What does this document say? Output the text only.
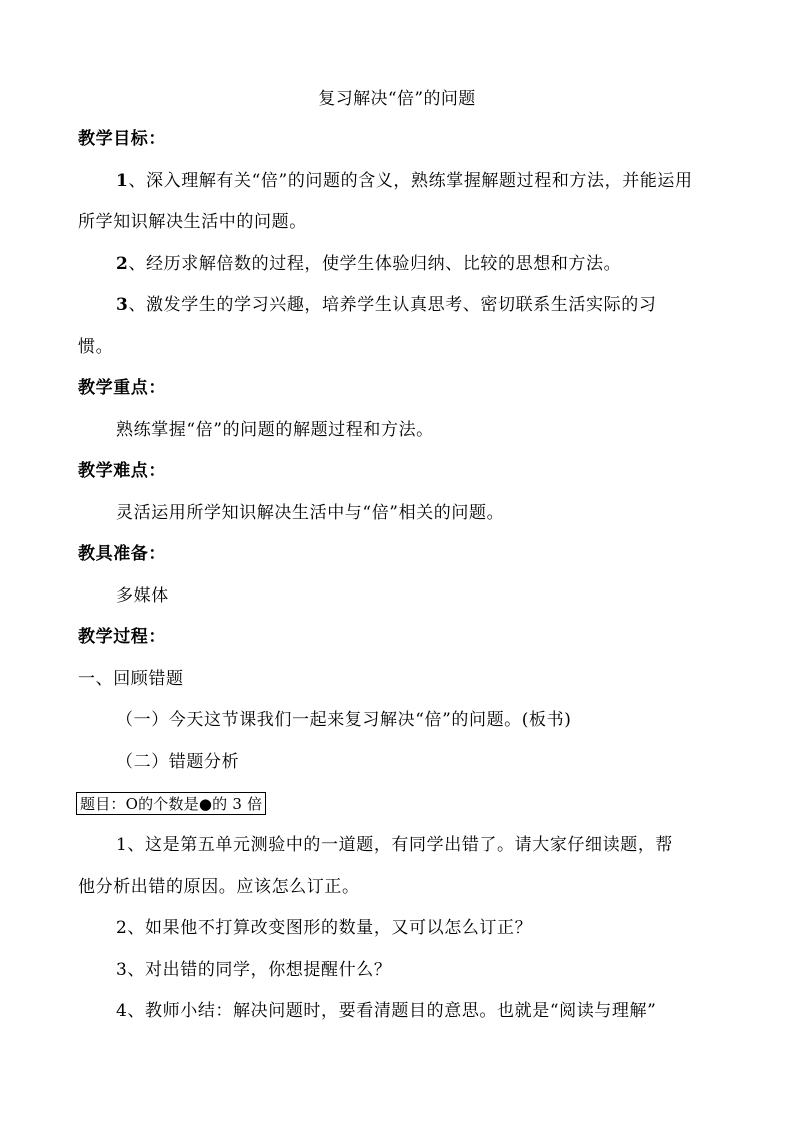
复习解决“倍”的问题
教学目标：
1、深入理解有关“倍”的问题的含义，熟练掌握解题过程和方法，并能运用
所学知识解决生活中的问题。
2、经历求解倍数的过程，使学生体验归纳、比较的思想和方法。
3、激发学生的学习兴趣，培养学生认真思考、密切联系生活实际的习
惯。
教学重点：
熟练掌握“倍”的问题的解题过程和方法。
教学难点：
灵活运用所学知识解决生活中与“倍”相关的问题。
教具准备：
多媒体
教学过程：
一、回顾错题
（一）今天这节课我们一起来复习解决“倍”的问题。(板书)
（二）错题分析
题目：O的个数是●的 3 倍
1、这是第五单元测验中的一道题，有同学出错了。请大家仔细读题，帮
他分析出错的原因。应该怎么订正。
2、如果他不打算改变图形的数量，又可以怎么订正？
3、对出错的同学，你想提醒什么？
4、教师小结：解决问题时，要看清题目的意思。也就是“阅读与理解”
